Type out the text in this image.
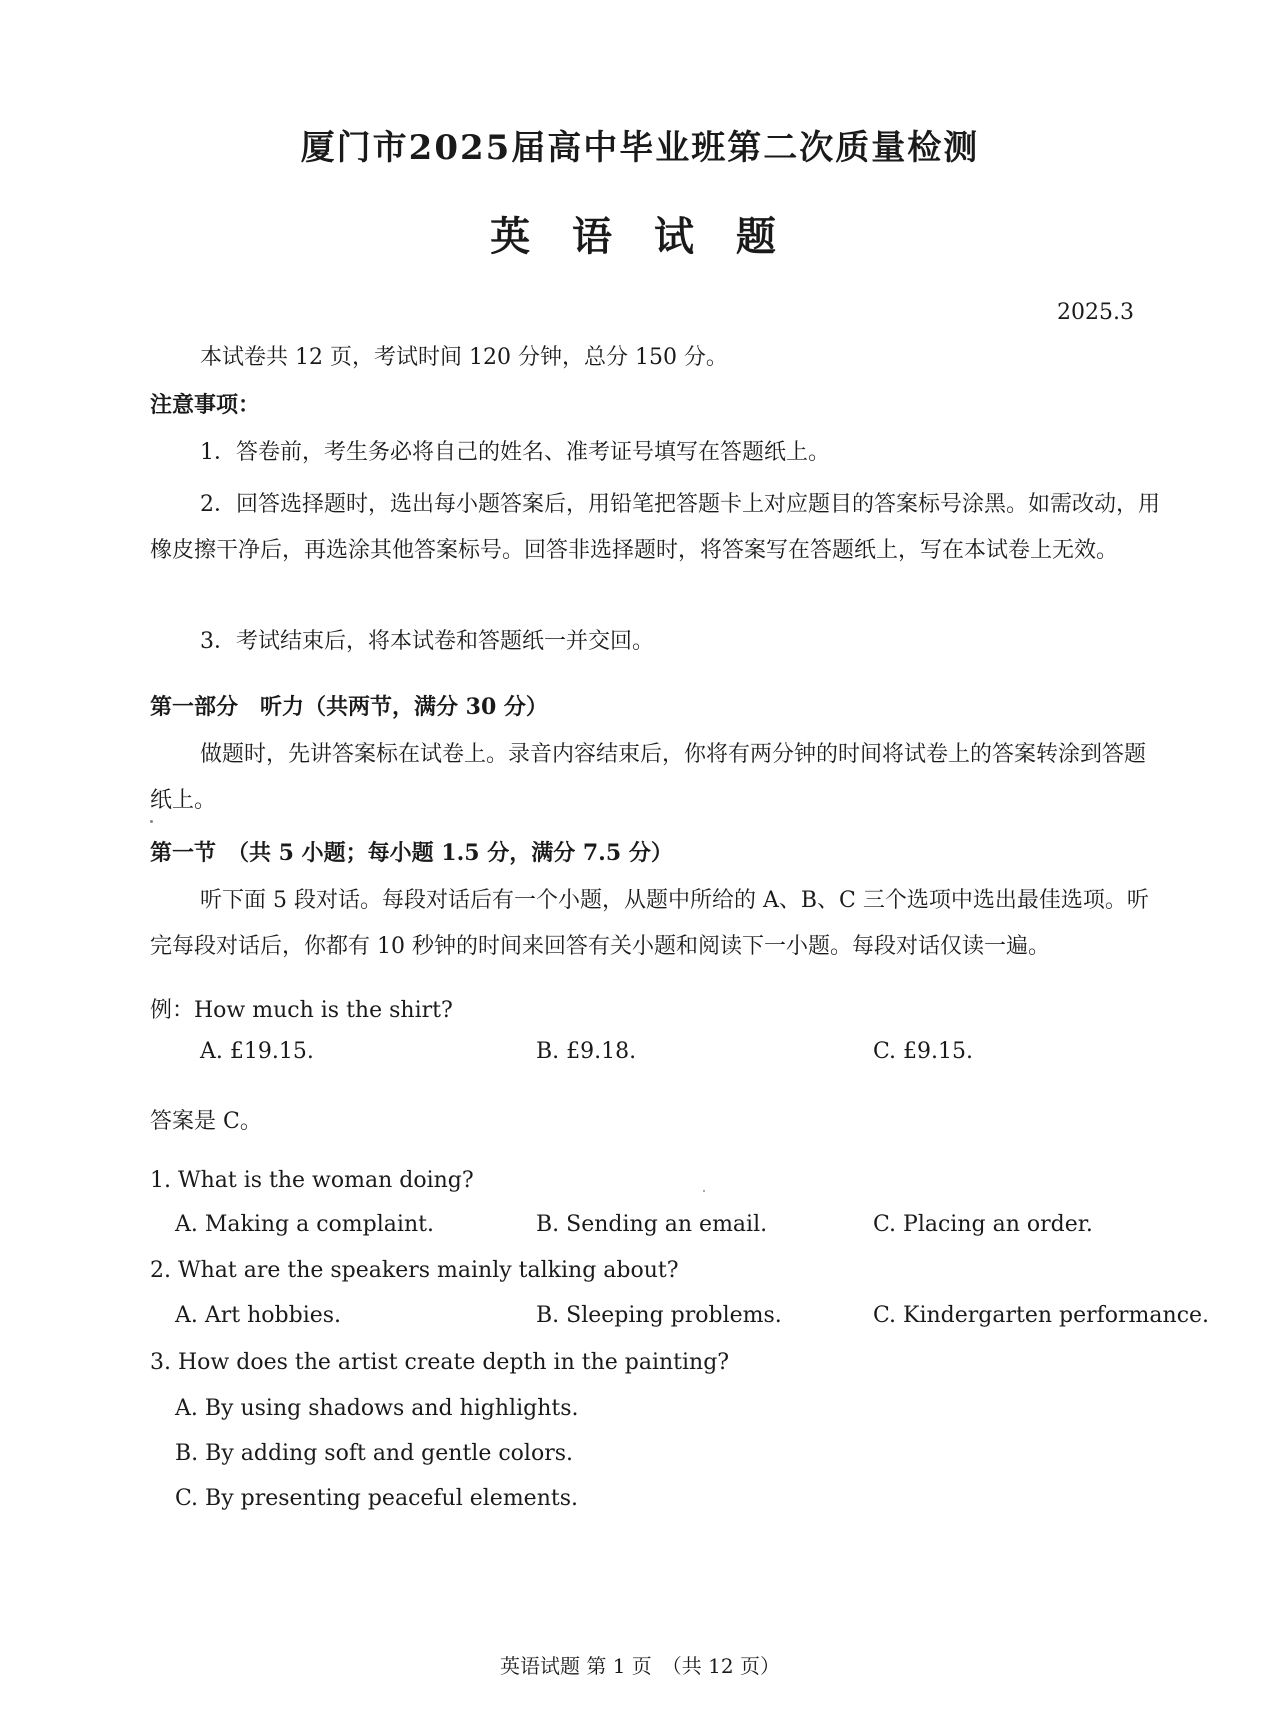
厦门市2025届高中毕业班第二次质量检测
英 语 试 题
2025.3
本试卷共 12 页，考试时间 120 分钟，总分 150 分。
注意事项：
1．答卷前，考生务必将自己的姓名、准考证号填写在答题纸上。
2．回答选择题时，选出每小题答案后，用铅笔把答题卡上对应题目的答案标号涂黑。如需改动，用橡皮擦干净后，再选涂其他答案标号。回答非选择题时，将答案写在答题纸上，写在本试卷上无效。
3．考试结束后，将本试卷和答题纸一并交回。
第一部分　听力（共两节，满分 30 分）
做题时，先讲答案标在试卷上。录音内容结束后，你将有两分钟的时间将试卷上的答案转涂到答题纸上。
第一节　（共 5 小题；每小题 1.5 分，满分 7.5 分）
听下面 5 段对话。每段对话后有一个小题，从题中所给的 A、B、C 三个选项中选出最佳选项。听完每段对话后，你都有 10 秒钟的时间来回答有关小题和阅读下一小题。每段对话仅读一遍。
例：How much is the shirt?
A. £19.15.	B. £9.18.	C. £9.15.
答案是 C。
1. What is the woman doing?
A. Making a complaint.	B. Sending an email.	C. Placing an order.
2. What are the speakers mainly talking about?
A. Art hobbies.	B. Sleeping problems.	C. Kindergarten performance.
3. How does the artist create depth in the painting?
A. By using shadows and highlights.
B. By adding soft and gentle colors.
C. By presenting peaceful elements.
英语试题 第 1 页　（共 12 页）
